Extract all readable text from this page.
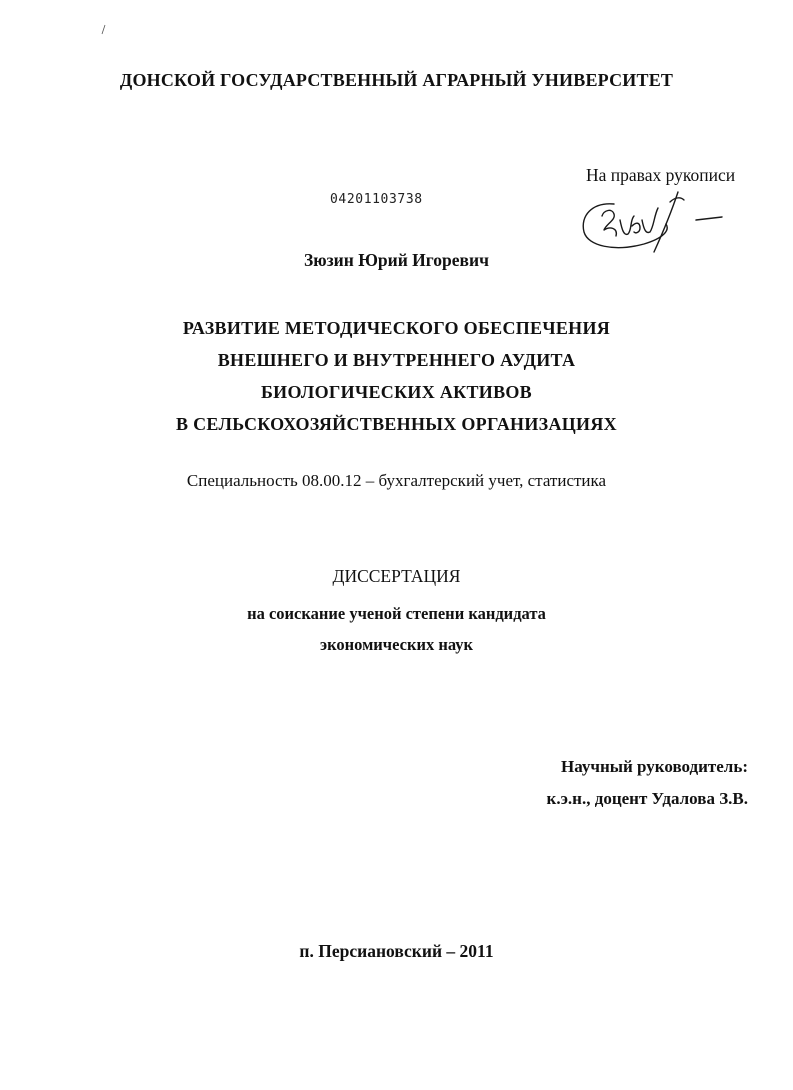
ДОНСКОЙ ГОСУДАРСТВЕННЫЙ АГРАРНЫЙ УНИВЕРСИТЕТ
На правах рукописи
04201103738
Зюзин Юрий Игоревич
РАЗВИТИЕ МЕТОДИЧЕСКОГО ОБЕСПЕЧЕНИЯ
ВНЕШНЕГО И ВНУТРЕННЕГО АУДИТА
БИОЛОГИЧЕСКИХ АКТИВОВ
В СЕЛЬСКОХОЗЯЙСТВЕННЫХ ОРГАНИЗАЦИЯХ
Специальность 08.00.12 – бухгалтерский учет, статистика
ДИССЕРТАЦИЯ
на соискание ученой степени кандидата
экономических наук
Научный руководитель:
к.э.н., доцент Удалова З.В.
п. Персиановский – 2011
